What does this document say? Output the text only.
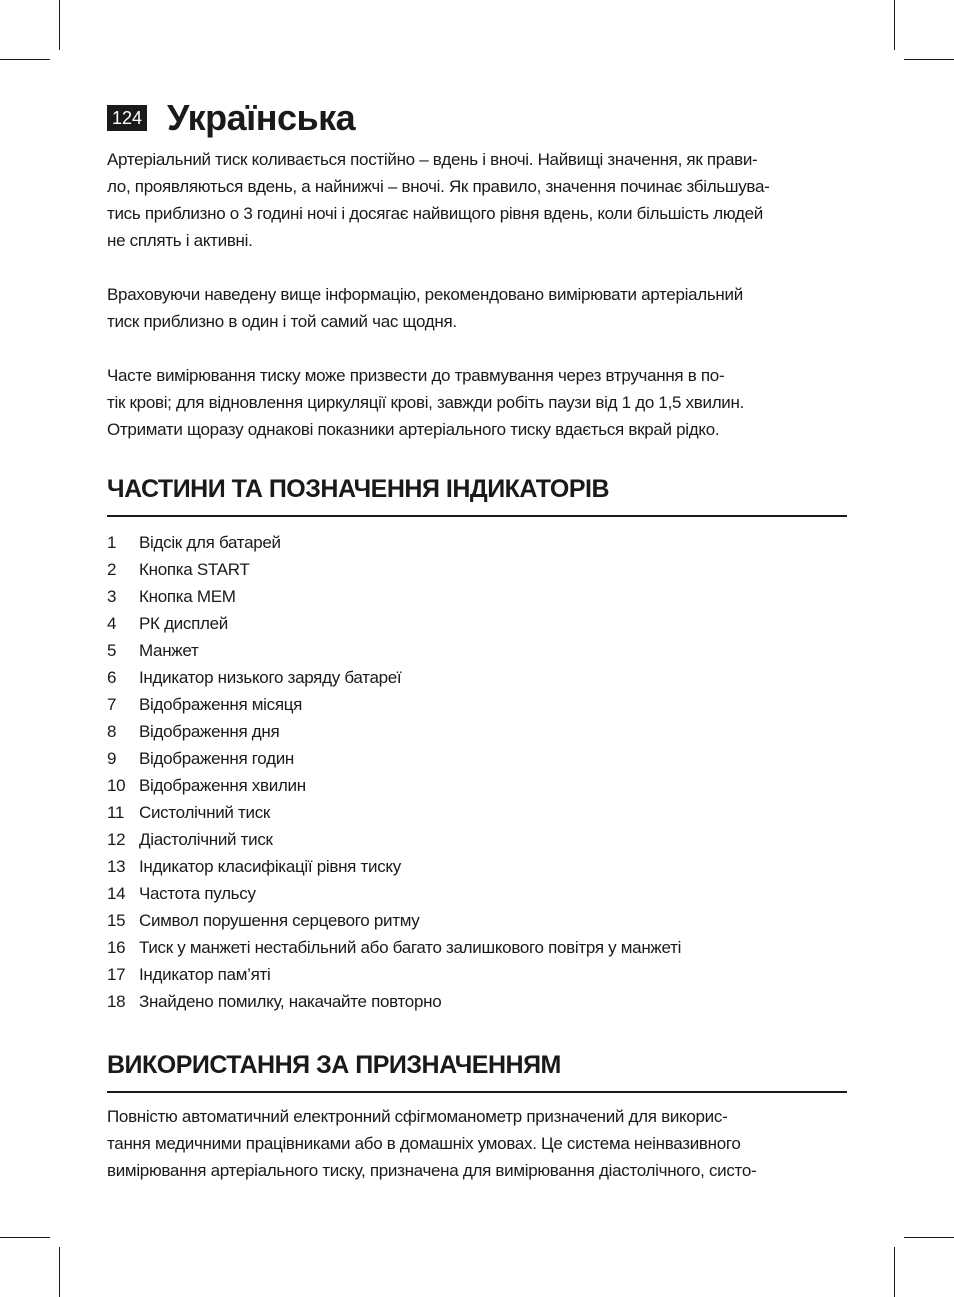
124 Українська

Артеріальний тиск коливається постійно – вдень і вночі. Найвищі значення, як прави-
ло, проявляються вдень, а найнижчі – вночі. Як правило, значення починає збільшува-
тись приблизно о 3 годині ночі і досягає найвищого рівня вдень, коли більшість людей
не сплять і активні.

Враховуючи наведену вище інформацію, рекомендовано вимірювати артеріальний
тиск приблизно в один і той самий час щодня.

Часте вимірювання тиску може призвести до травмування через втручання в по-
тік крові; для відновлення циркуляції крові, завжди робіть паузи від 1 до 1,5 хвилин.
Отримати щоразу однакові показники артеріального тиску вдається вкрай рідко.

ЧАСТИНИ ТА ПОЗНАЧЕННЯ ІНДИКАТОРІВ
1	Відсік для батарей
2	Кнопка START
3	Кнопка MEM
4	РК дисплей
5	Манжет
6	Індикатор низького заряду батареї
7	Відображення місяця
8	Відображення дня
9	Відображення годин
10 Відображення хвилин
11 Систолічний тиск
12 Діастолічний тиск
13 Індикатор класифікації рівня тиску
14 Частота пульсу
15 Символ порушення серцевого ритму
16 Тиск у манжеті нестабільний або багато залишкового повітря у манжеті
17 Індикатор пам’яті
18 Знайдено помилку, накачайте повторно
ВИКОРИСТАННЯ ЗА ПРИЗНАЧЕННЯМ

Повністю автоматичний електронний сфігмоманометр призначений для викорис-
тання медичними працівниками або в домашніх умовах. Це система неінвазивного
вимірювання артеріального тиску, призначена для вимірювання діастолічного, систо-
